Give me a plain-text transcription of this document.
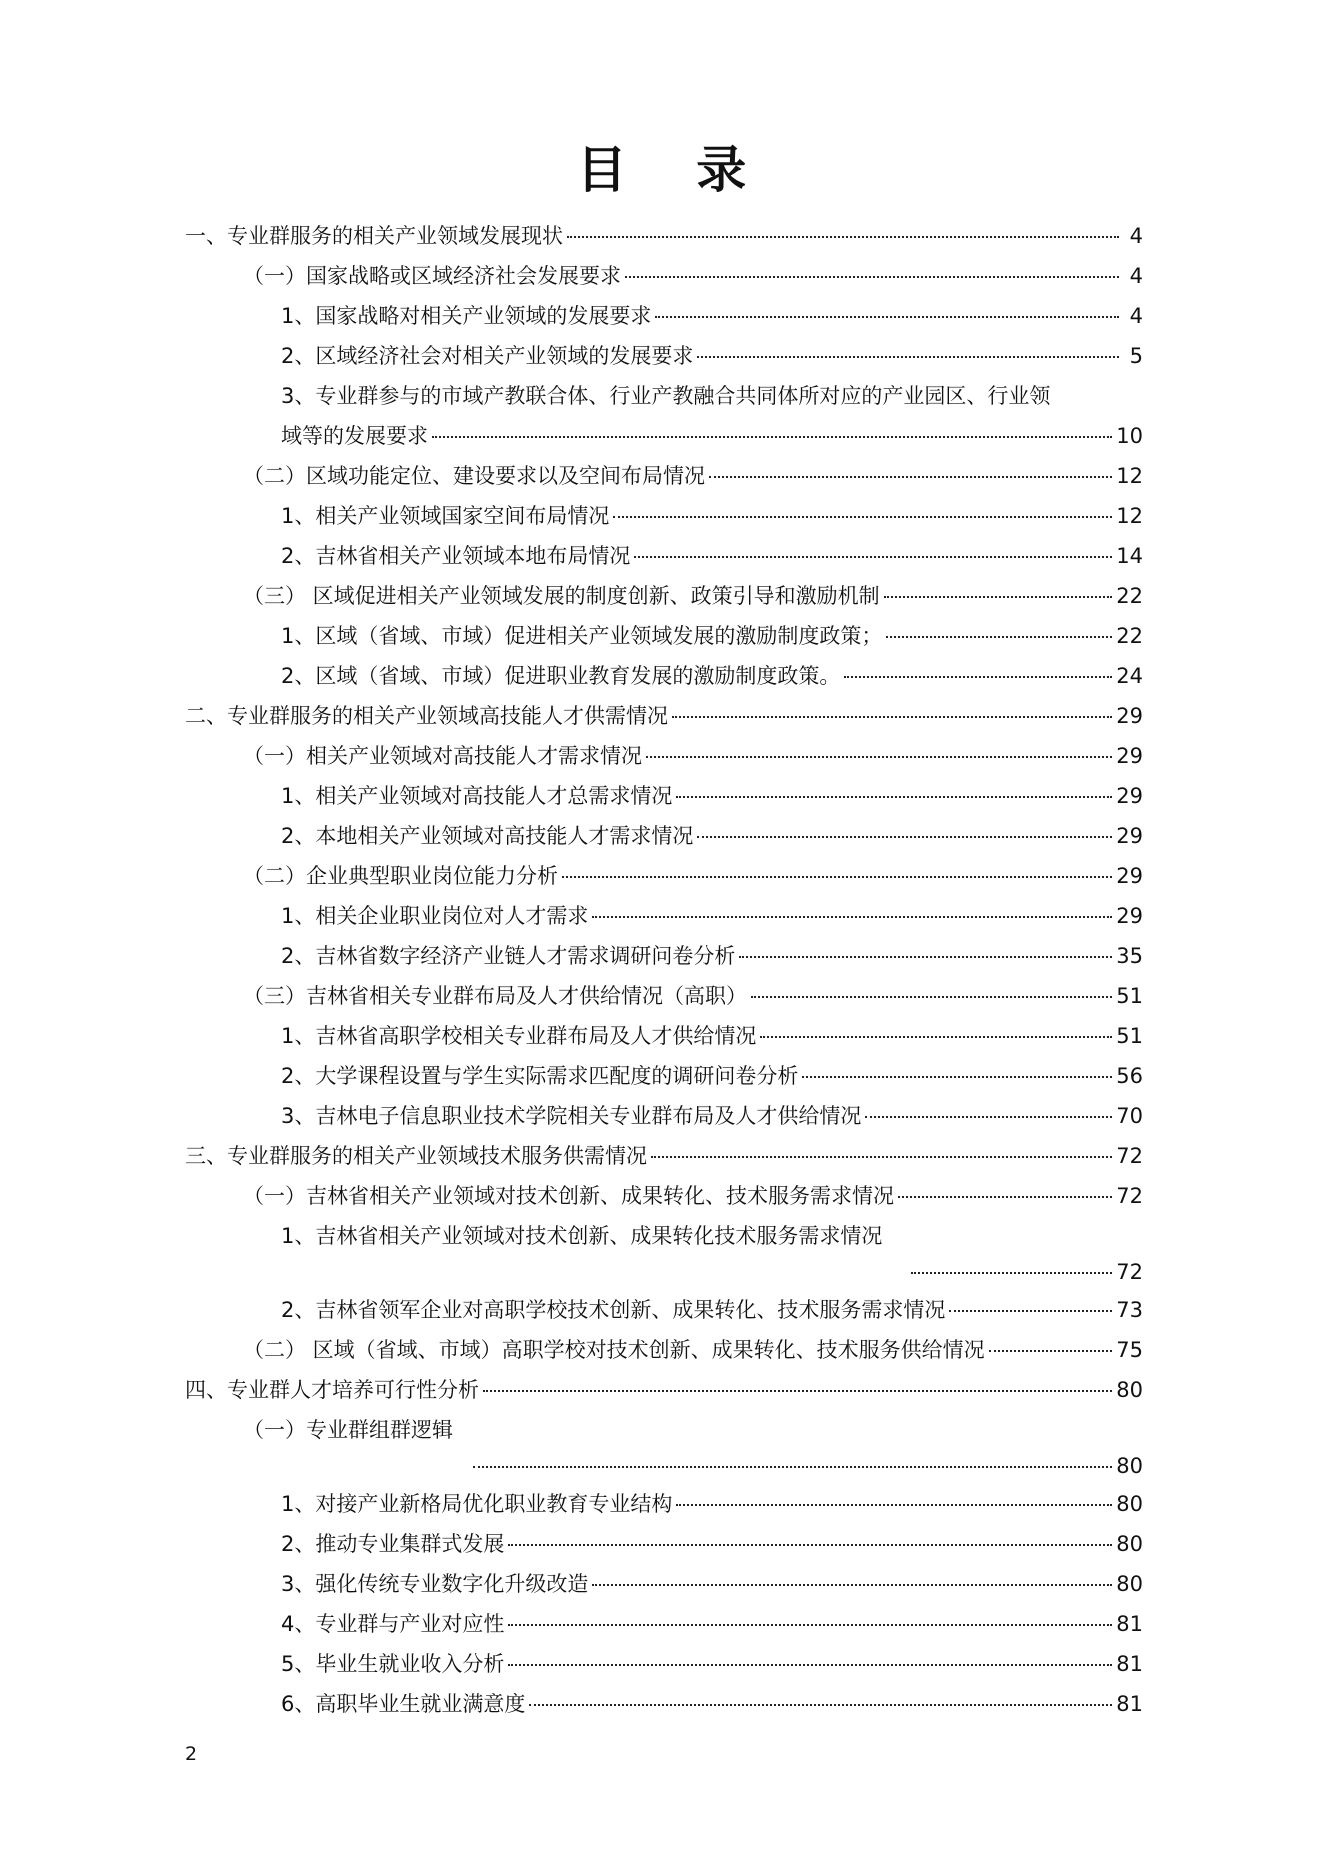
目 录
一、专业群服务的相关产业领域发展现状	4
（一）国家战略或区域经济社会发展要求	4
1、国家战略对相关产业领域的发展要求	4
2、区域经济社会对相关产业领域的发展要求	5
3、专业群参与的市域产教联合体、行业产教融合共同体所对应的产业园区、行业领
域等的发展要求	10
（二）区域功能定位、建设要求以及空间布局情况	12
1、相关产业领域国家空间布局情况	12
2、吉林省相关产业领域本地布局情况	14
（三） 区域促进相关产业领域发展的制度创新、政策引导和激励机制	22
1、区域（省域、市域）促进相关产业领域发展的激励制度政策；	22
2、区域（省域、市域）促进职业教育发展的激励制度政策。	24
二、专业群服务的相关产业领域高技能人才供需情况	29
（一）相关产业领域对高技能人才需求情况	29
1、相关产业领域对高技能人才总需求情况	29
2、本地相关产业领域对高技能人才需求情况	29
（二）企业典型职业岗位能力分析	29
1、相关企业职业岗位对人才需求	29
2、吉林省数字经济产业链人才需求调研问卷分析	35
（三）吉林省相关专业群布局及人才供给情况（高职）	51
1、吉林省高职学校相关专业群布局及人才供给情况	51
2、大学课程设置与学生实际需求匹配度的调研问卷分析	56
3、吉林电子信息职业技术学院相关专业群布局及人才供给情况	70
三、专业群服务的相关产业领域技术服务供需情况	72
（一）吉林省相关产业领域对技术创新、成果转化、技术服务需求情况	72
1、吉林省相关产业领域对技术创新、成果转化技术服务需求情况
72
2、吉林省领军企业对高职学校技术创新、成果转化、技术服务需求情况	73
（二） 区域（省域、市域）高职学校对技术创新、成果转化、技术服务供给情况	75
四、专业群人才培养可行性分析	80
（一）专业群组群逻辑
80
1、对接产业新格局优化职业教育专业结构	80
2、推动专业集群式发展	80
3、强化传统专业数字化升级改造	80
4、专业群与产业对应性	81
5、毕业生就业收入分析	81
6、高职毕业生就业满意度	81
2
